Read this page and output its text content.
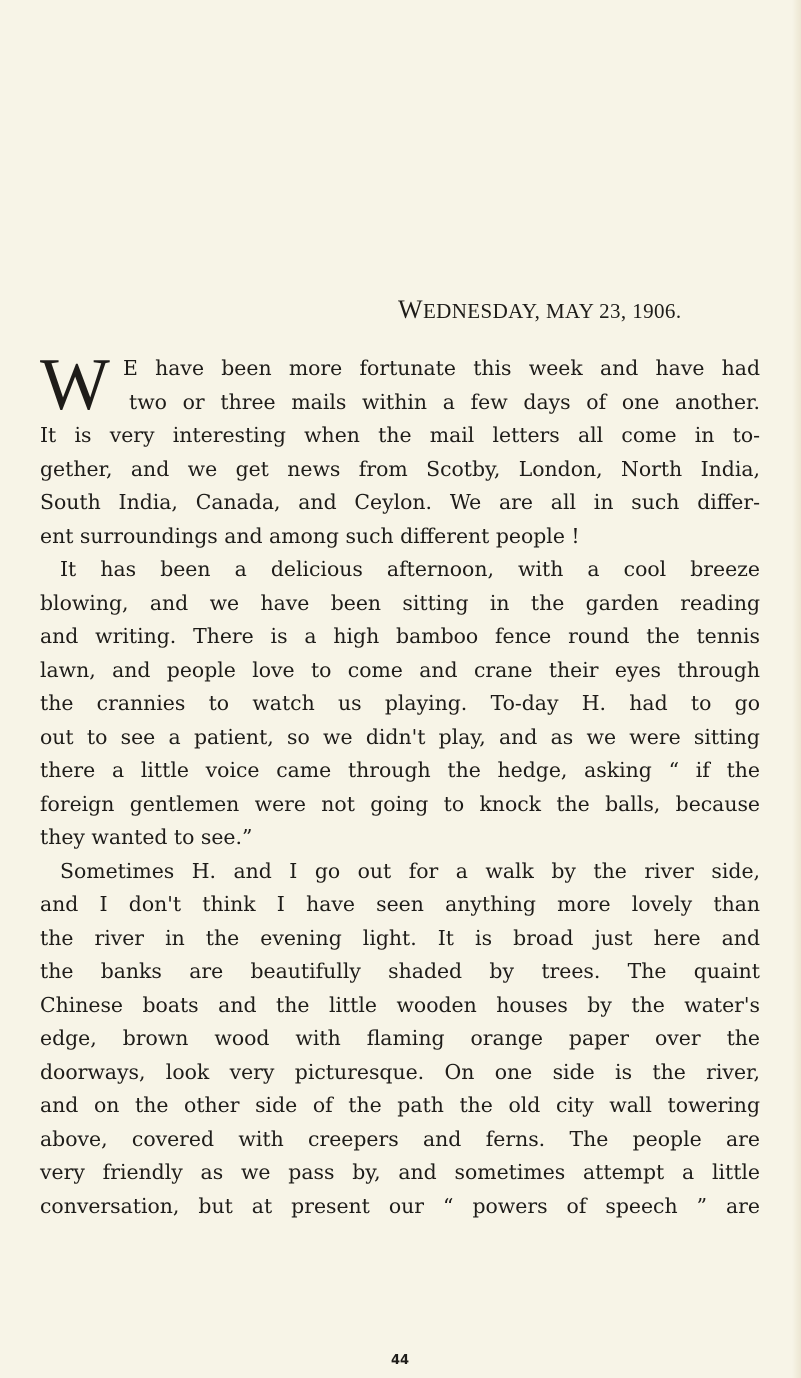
WEDNESDAY, MAY 23, 1906.
W E have been more fortunate this week and have had
two or three mails within a few days of one another.
It is very interesting when the mail letters all come in to-
gether, and we get news from Scotby, London, North India,
South India, Canada, and Ceylon. We are all in such differ-
ent surroundings and among such different people !
It has been a delicious afternoon, with a cool breeze
blowing, and we have been sitting in the garden reading
and writing. There is a high bamboo fence round the tennis
lawn, and people love to come and crane their eyes through
the crannies to watch us playing. To-day H. had to go
out to see a patient, so we didn't play, and as we were sitting
there a little voice came through the hedge, asking “ if the
foreign gentlemen were not going to knock the balls, because
they wanted to see.”
Sometimes H. and I go out for a walk by the river side,
and I don't think I have seen anything more lovely than
the river in the evening light. It is broad just here and
the banks are beautifully shaded by trees. The quaint
Chinese boats and the little wooden houses by the water's
edge, brown wood with flaming orange paper over the
doorways, look very picturesque. On one side is the river,
and on the other side of the path the old city wall towering
above, covered with creepers and ferns. The people are
very friendly as we pass by, and sometimes attempt a little
conversation, but at present our “ powers of speech ” are
44
